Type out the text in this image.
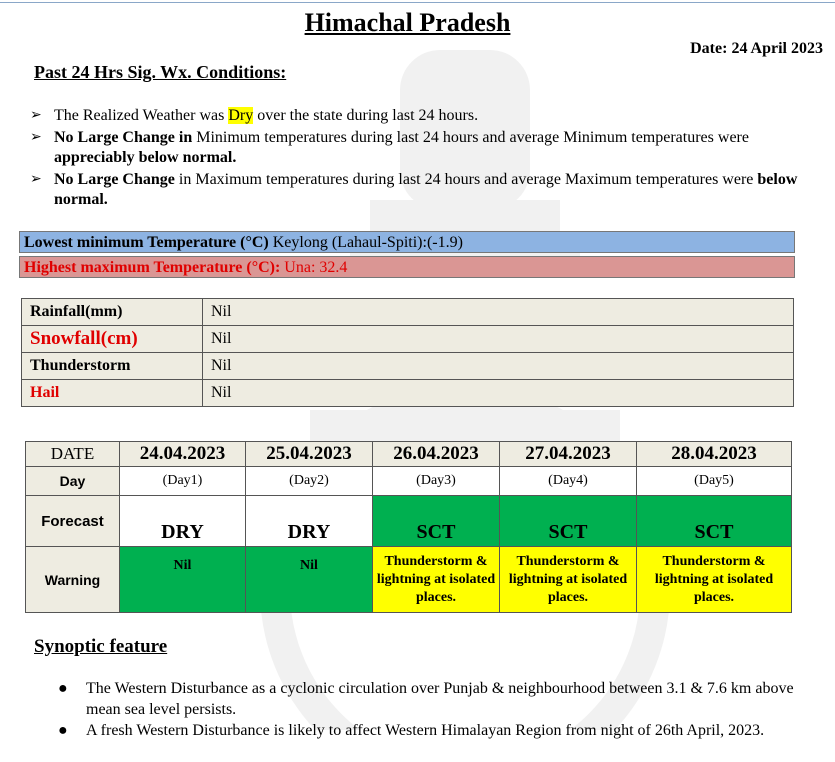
Himachal Pradesh
Date: 24 April 2023
Past 24 Hrs Sig. Wx. Conditions:
➢ The Realized Weather was Dry over the state during last 24 hours.
➢ No Large Change in Minimum temperatures during last 24 hours and average Minimum temperatures were appreciably below normal.
➢ No Large Change in Maximum temperatures during last 24 hours and average Maximum temperatures were below normal.
Lowest minimum Temperature (°C) Keylong (Lahaul-Spiti):(-1.9)
Highest maximum Temperature (°C): Una: 32.4
Rainfall(mm)	Nil
Snowfall(cm)	Nil
Thunderstorm	Nil
Hail	Nil
DATE	24.04.2023	25.04.2023	26.04.2023	27.04.2023	28.04.2023
Day	(Day1)	(Day2)	(Day3)	(Day4)	(Day5)
Forecast	DRY	DRY	SCT	SCT	SCT
Warning	Nil	Nil	Thunderstorm & lightning at isolated places.	Thunderstorm & lightning at isolated places.	Thunderstorm & lightning at isolated places.
Synoptic feature
● The Western Disturbance as a cyclonic circulation over Punjab & neighbourhood between 3.1 & 7.6 km above mean sea level persists.
● A fresh Western Disturbance is likely to affect Western Himalayan Region from night of 26th April, 2023.
